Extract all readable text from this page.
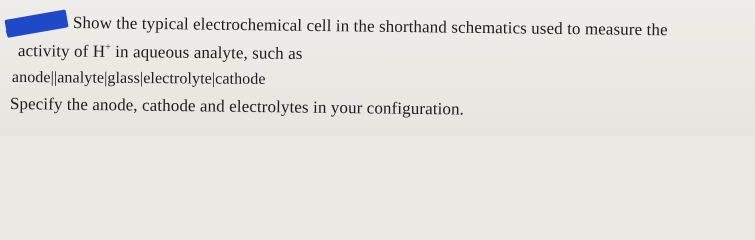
Show the typical electrochemical cell in the shorthand schematics used to measure the
activity of H+ in aqueous analyte, such as
anode||analyte|glass|electrolyte|cathode
Specify the anode, cathode and electrolytes in your configuration.
